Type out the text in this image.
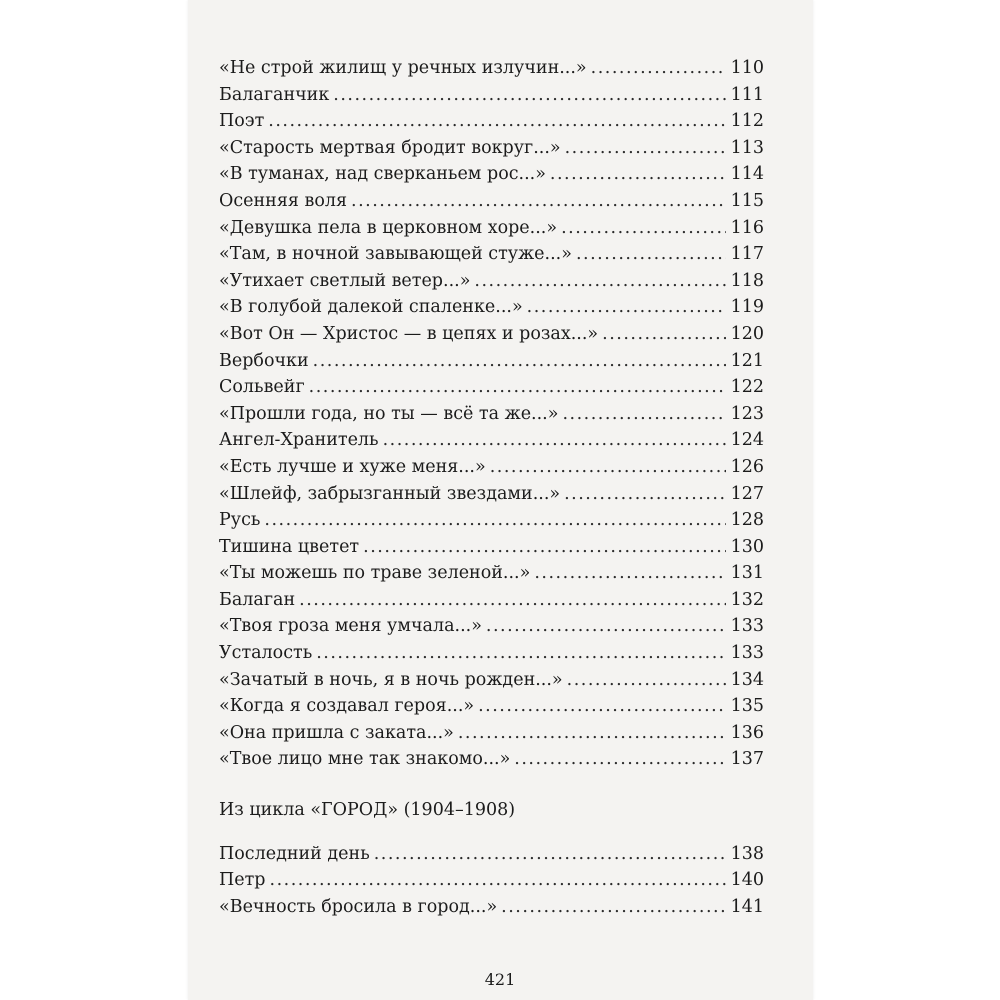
«Не строй жилищ у речных излучин...» .....	110
Балаганчик .....	111
Поэт .....	112
«Старость мертвая бродит вокруг...» .....	113
«В туманах, над сверканьем рос...» .....	114
Осенняя воля .....	115
«Девушка пела в церковном хоре...» .....	116
«Там, в ночной завывающей стуже...» .....	117
«Утихает светлый ветер...» .....	118
«В голубой далекой спаленке...» .....	119
«Вот Он — Христос — в цепях и розах...» .....	120
Вербочки .....	121
Сольвейг .....	122
«Прошли года, но ты — всё та же...» .....	123
Ангел-Хранитель .....	124
«Есть лучше и хуже меня...» .....	126
«Шлейф, забрызганный звездами...» .....	127
Русь .....	128
Тишина цветет .....	130
«Ты можешь по траве зеленой...» .....	131
Балаган .....	132
«Твоя гроза меня умчала...» .....	133
Усталость .....	133
«Зачатый в ночь, я в ночь рожден...» .....	134
«Когда я создавал героя...» .....	135
«Она пришла с заката...» .....	136
«Твое лицо мне так знакомо...» .....	137
Из цикла «ГОРОД» (1904–1908)
Последний день .....	138
Петр .....	140
«Вечность бросила в город...» .....	141
421
